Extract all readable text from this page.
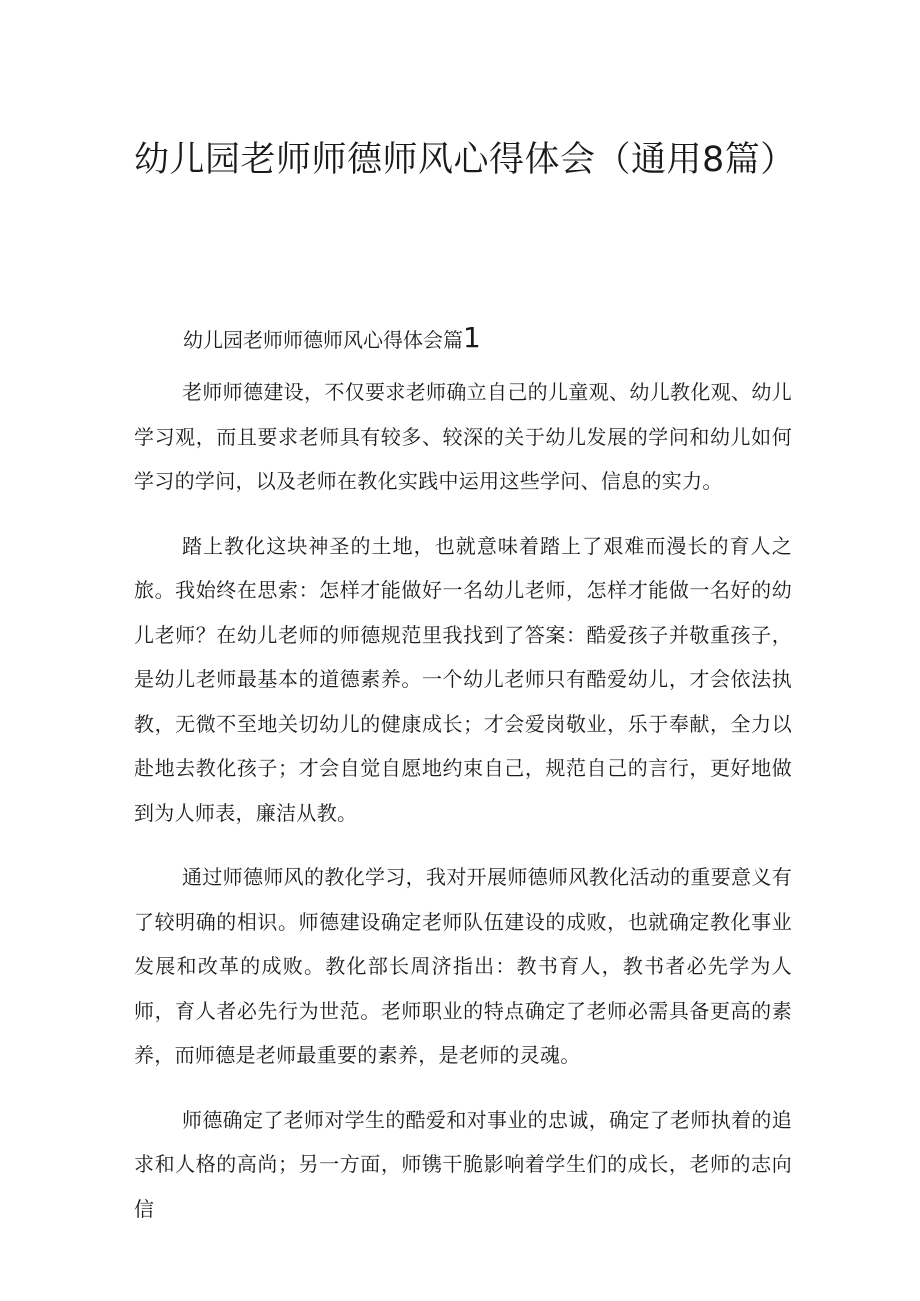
幼儿园老师师德师风心得体会（通用8篇）
幼儿园老师师德师风心得体会篇1

老师师德建设，不仅要求老师确立自己的儿童观、幼儿教化观、幼儿学习观，而且要求老师具有较多、较深的关于幼儿发展的学问和幼儿如何学习的学问，以及老师在教化实践中运用这些学问、信息的实力。

踏上教化这块神圣的土地，也就意味着踏上了艰难而漫长的育人之旅。我始终在思索：怎样才能做好一名幼儿老师，怎样才能做一名好的幼儿老师？在幼儿老师的师德规范里我找到了答案：酷爱孩子并敬重孩子，是幼儿老师最基本的道德素养。一个幼儿老师只有酷爱幼儿，才会依法执教，无微不至地关切幼儿的健康成长；才会爱岗敬业，乐于奉献，全力以赴地去教化孩子；才会自觉自愿地约束自己，规范自己的言行，更好地做到为人师表，廉洁从教。

通过师德师风的教化学习，我对开展师德师风教化活动的重要意义有了较明确的相识。师德建设确定老师队伍建设的成败，也就确定教化事业发展和改革的成败。教化部长周济指出：教书育人，教书者必先学为人师，育人者必先行为世范。老师职业的特点确定了老师必需具备更高的素养，而师德是老师最重要的素养，是老师的灵魂。

师德确定了老师对学生的酷爱和对事业的忠诚，确定了老师执着的追求和人格的高尚；另一方面，师镌干脆影响着学生们的成长，老师的志向信
